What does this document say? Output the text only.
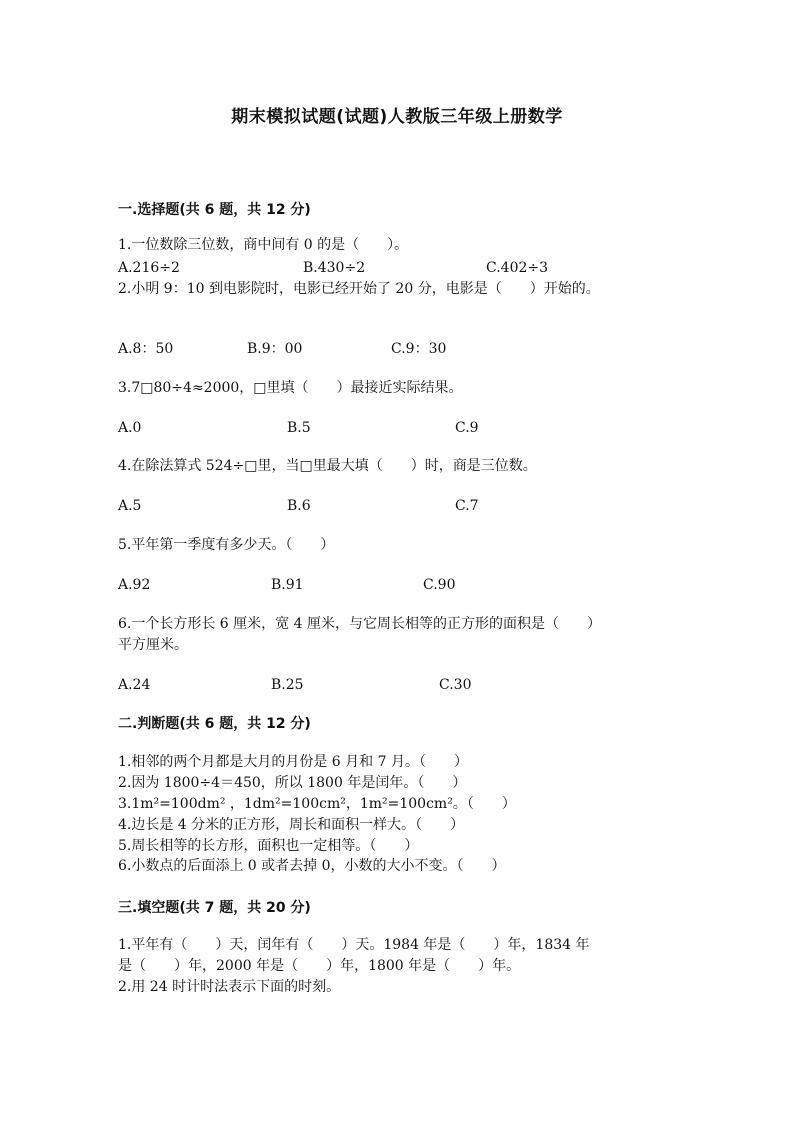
期末模拟试题(试题)人教版三年级上册数学
一.选择题(共 6 题，共 12 分)
1.一位数除三位数，商中间有 0 的是（　　）。
A.216÷2	B.430÷2	C.402÷3
2.小明 9：10 到电影院时，电影已经开始了 20 分，电影是（　　）开始的。
A.8：50	B.9：00	C.9：30
3.7□80÷4≈2000，□里填（　　）最接近实际结果。
A.0	B.5	C.9
4.在除法算式 524÷□里，当□里最大填（　　）时，商是三位数。
A.5	B.6	C.7
5.平年第一季度有多少天。（　　）
A.92	B.91	C.90
6.一个长方形长 6 厘米，宽 4 厘米，与它周长相等的正方形的面积是（　　）
平方厘米。
A.24	B.25	C.30
二.判断题(共 6 题，共 12 分)
1.相邻的两个月都是大月的月份是 6 月和 7 月。（　　）
2.因为 1800÷4＝450，所以 1800 年是闰年。（　　）
3.1m²=100dm² ，1dm²=100cm²，1m²=100cm²。（　　）
4.边长是 4 分米的正方形，周长和面积一样大。（　　）
5.周长相等的长方形，面积也一定相等。（　　）
6.小数点的后面添上 0 或者去掉 0，小数的大小不变。（　　）
三.填空题(共 7 题，共 20 分)
1.平年有（　　）天，闰年有（　　）天。1984 年是（　　）年，1834 年
是（　　）年，2000 年是（　　）年，1800 年是（　　）年。
2.用 24 时计时法表示下面的时刻。
